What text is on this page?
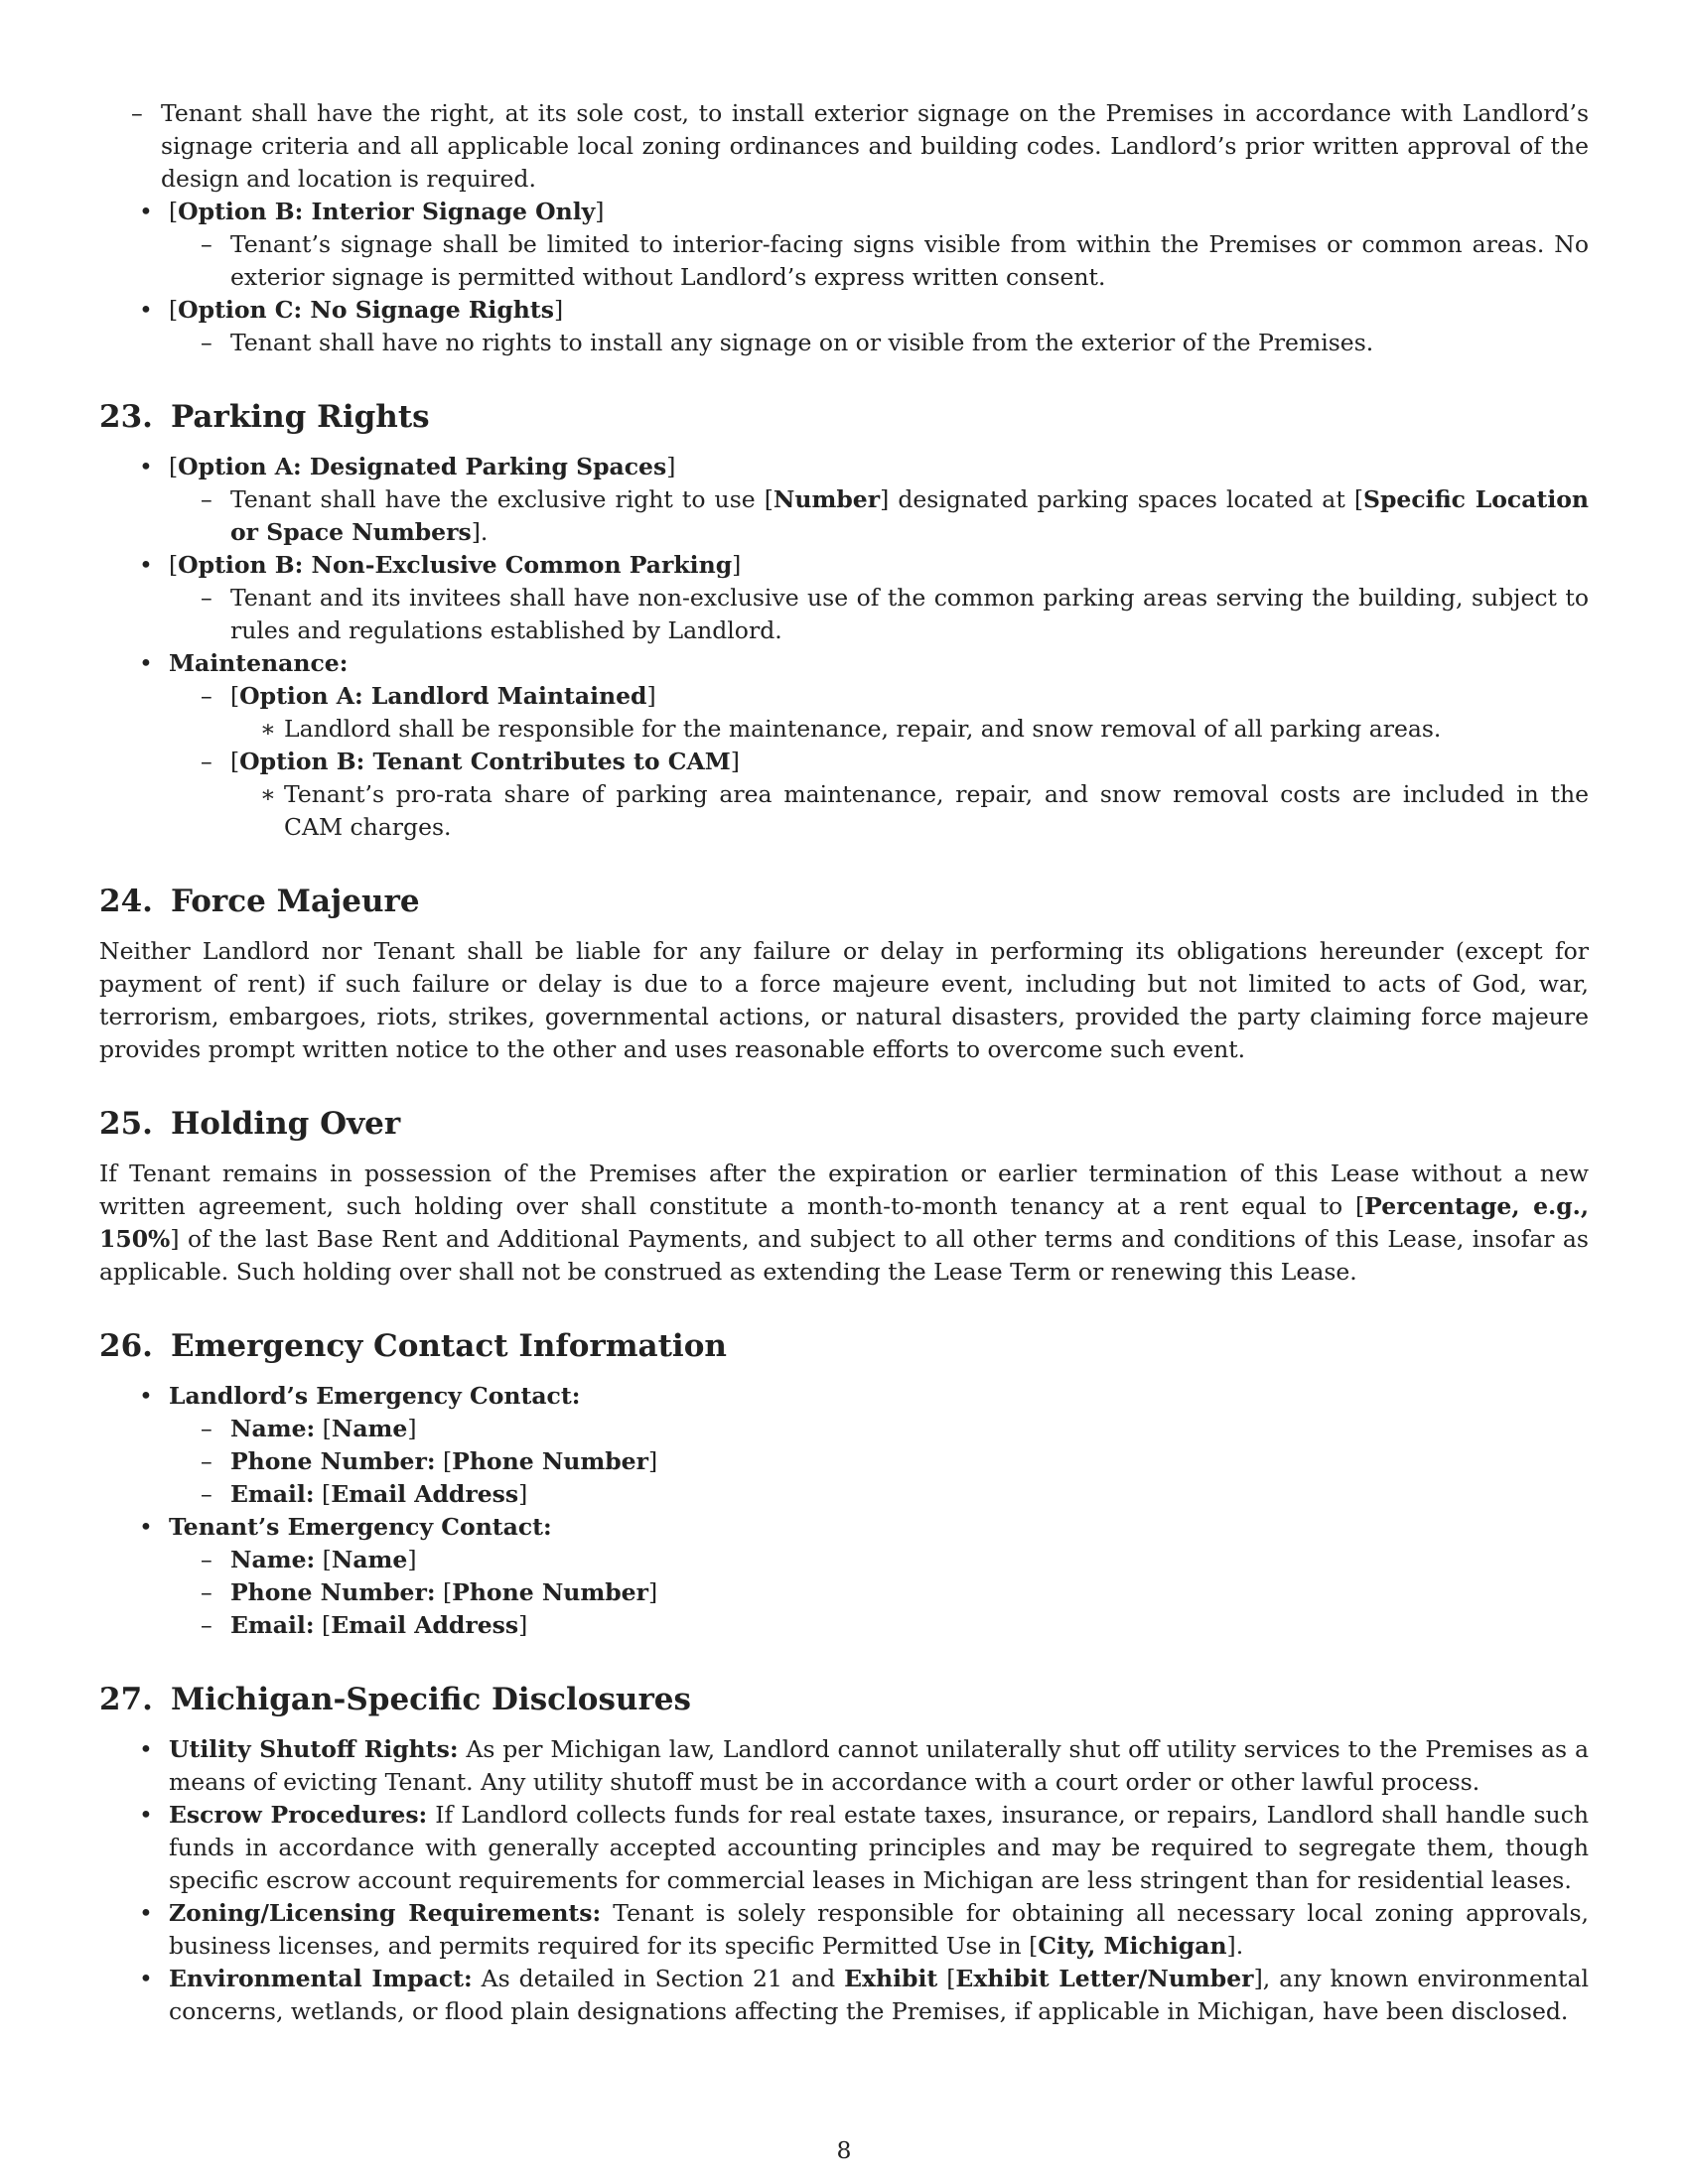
– Tenant shall have the right, at its sole cost, to install exterior signage on the Premises in accordance with Landlord’s signage criteria and all applicable local zoning ordinances and building codes. Landlord’s prior written approval of the design and location is required.
• [Option B: Interior Signage Only]
– Tenant’s signage shall be limited to interior-facing signs visible from within the Premises or common areas. No exterior signage is permitted without Landlord’s express written consent.
• [Option C: No Signage Rights]
– Tenant shall have no rights to install any signage on or visible from the exterior of the Premises.
23. Parking Rights
• [Option A: Designated Parking Spaces]
– Tenant shall have the exclusive right to use [Number] designated parking spaces located at [Specific Location or Space Numbers].
• [Option B: Non-Exclusive Common Parking]
– Tenant and its invitees shall have non-exclusive use of the common parking areas serving the building, subject to rules and regulations established by Landlord.
• Maintenance:
– [Option A: Landlord Maintained]
∗ Landlord shall be responsible for the maintenance, repair, and snow removal of all parking areas.
– [Option B: Tenant Contributes to CAM]
∗ Tenant’s pro-rata share of parking area maintenance, repair, and snow removal costs are included in the CAM charges.
24. Force Majeure

Neither Landlord nor Tenant shall be liable for any failure or delay in performing its obligations hereunder (except for payment of rent) if such failure or delay is due to a force majeure event, including but not limited to acts of God, war, terrorism, embargoes, riots, strikes, governmental actions, or natural disasters, provided the party claiming force majeure provides prompt written notice to the other and uses reasonable efforts to overcome such event.

25. Holding Over

If Tenant remains in possession of the Premises after the expiration or earlier termination of this Lease without a new written agreement, such holding over shall constitute a month-to-month tenancy at a rent equal to [Percentage, e.g., 150%] of the last Base Rent and Additional Payments, and subject to all other terms and conditions of this Lease, insofar as applicable. Such holding over shall not be construed as extending the Lease Term or renewing this Lease.

26. Emergency Contact Information
• Landlord’s Emergency Contact:
– Name: [Name]
– Phone Number: [Phone Number]
– Email: [Email Address]
• Tenant’s Emergency Contact:
– Name: [Name]
– Phone Number: [Phone Number]
– Email: [Email Address]
27. Michigan-Specific Disclosures
• Utility Shutoff Rights: As per Michigan law, Landlord cannot unilaterally shut off utility services to the Premises as a means of evicting Tenant. Any utility shutoff must be in accordance with a court order or other lawful process.
• Escrow Procedures: If Landlord collects funds for real estate taxes, insurance, or repairs, Landlord shall handle such funds in accordance with generally accepted accounting principles and may be required to segregate them, though specific escrow account requirements for commercial leases in Michigan are less stringent than for residential leases.
• Zoning/Licensing Requirements: Tenant is solely responsible for obtaining all necessary local zoning approvals, business licenses, and permits required for its specific Permitted Use in [City, Michigan].
• Environmental Impact: As detailed in Section 21 and Exhibit [Exhibit Letter/Number], any known environmental concerns, wetlands, or flood plain designations affecting the Premises, if applicable in Michigan, have been disclosed.
8
